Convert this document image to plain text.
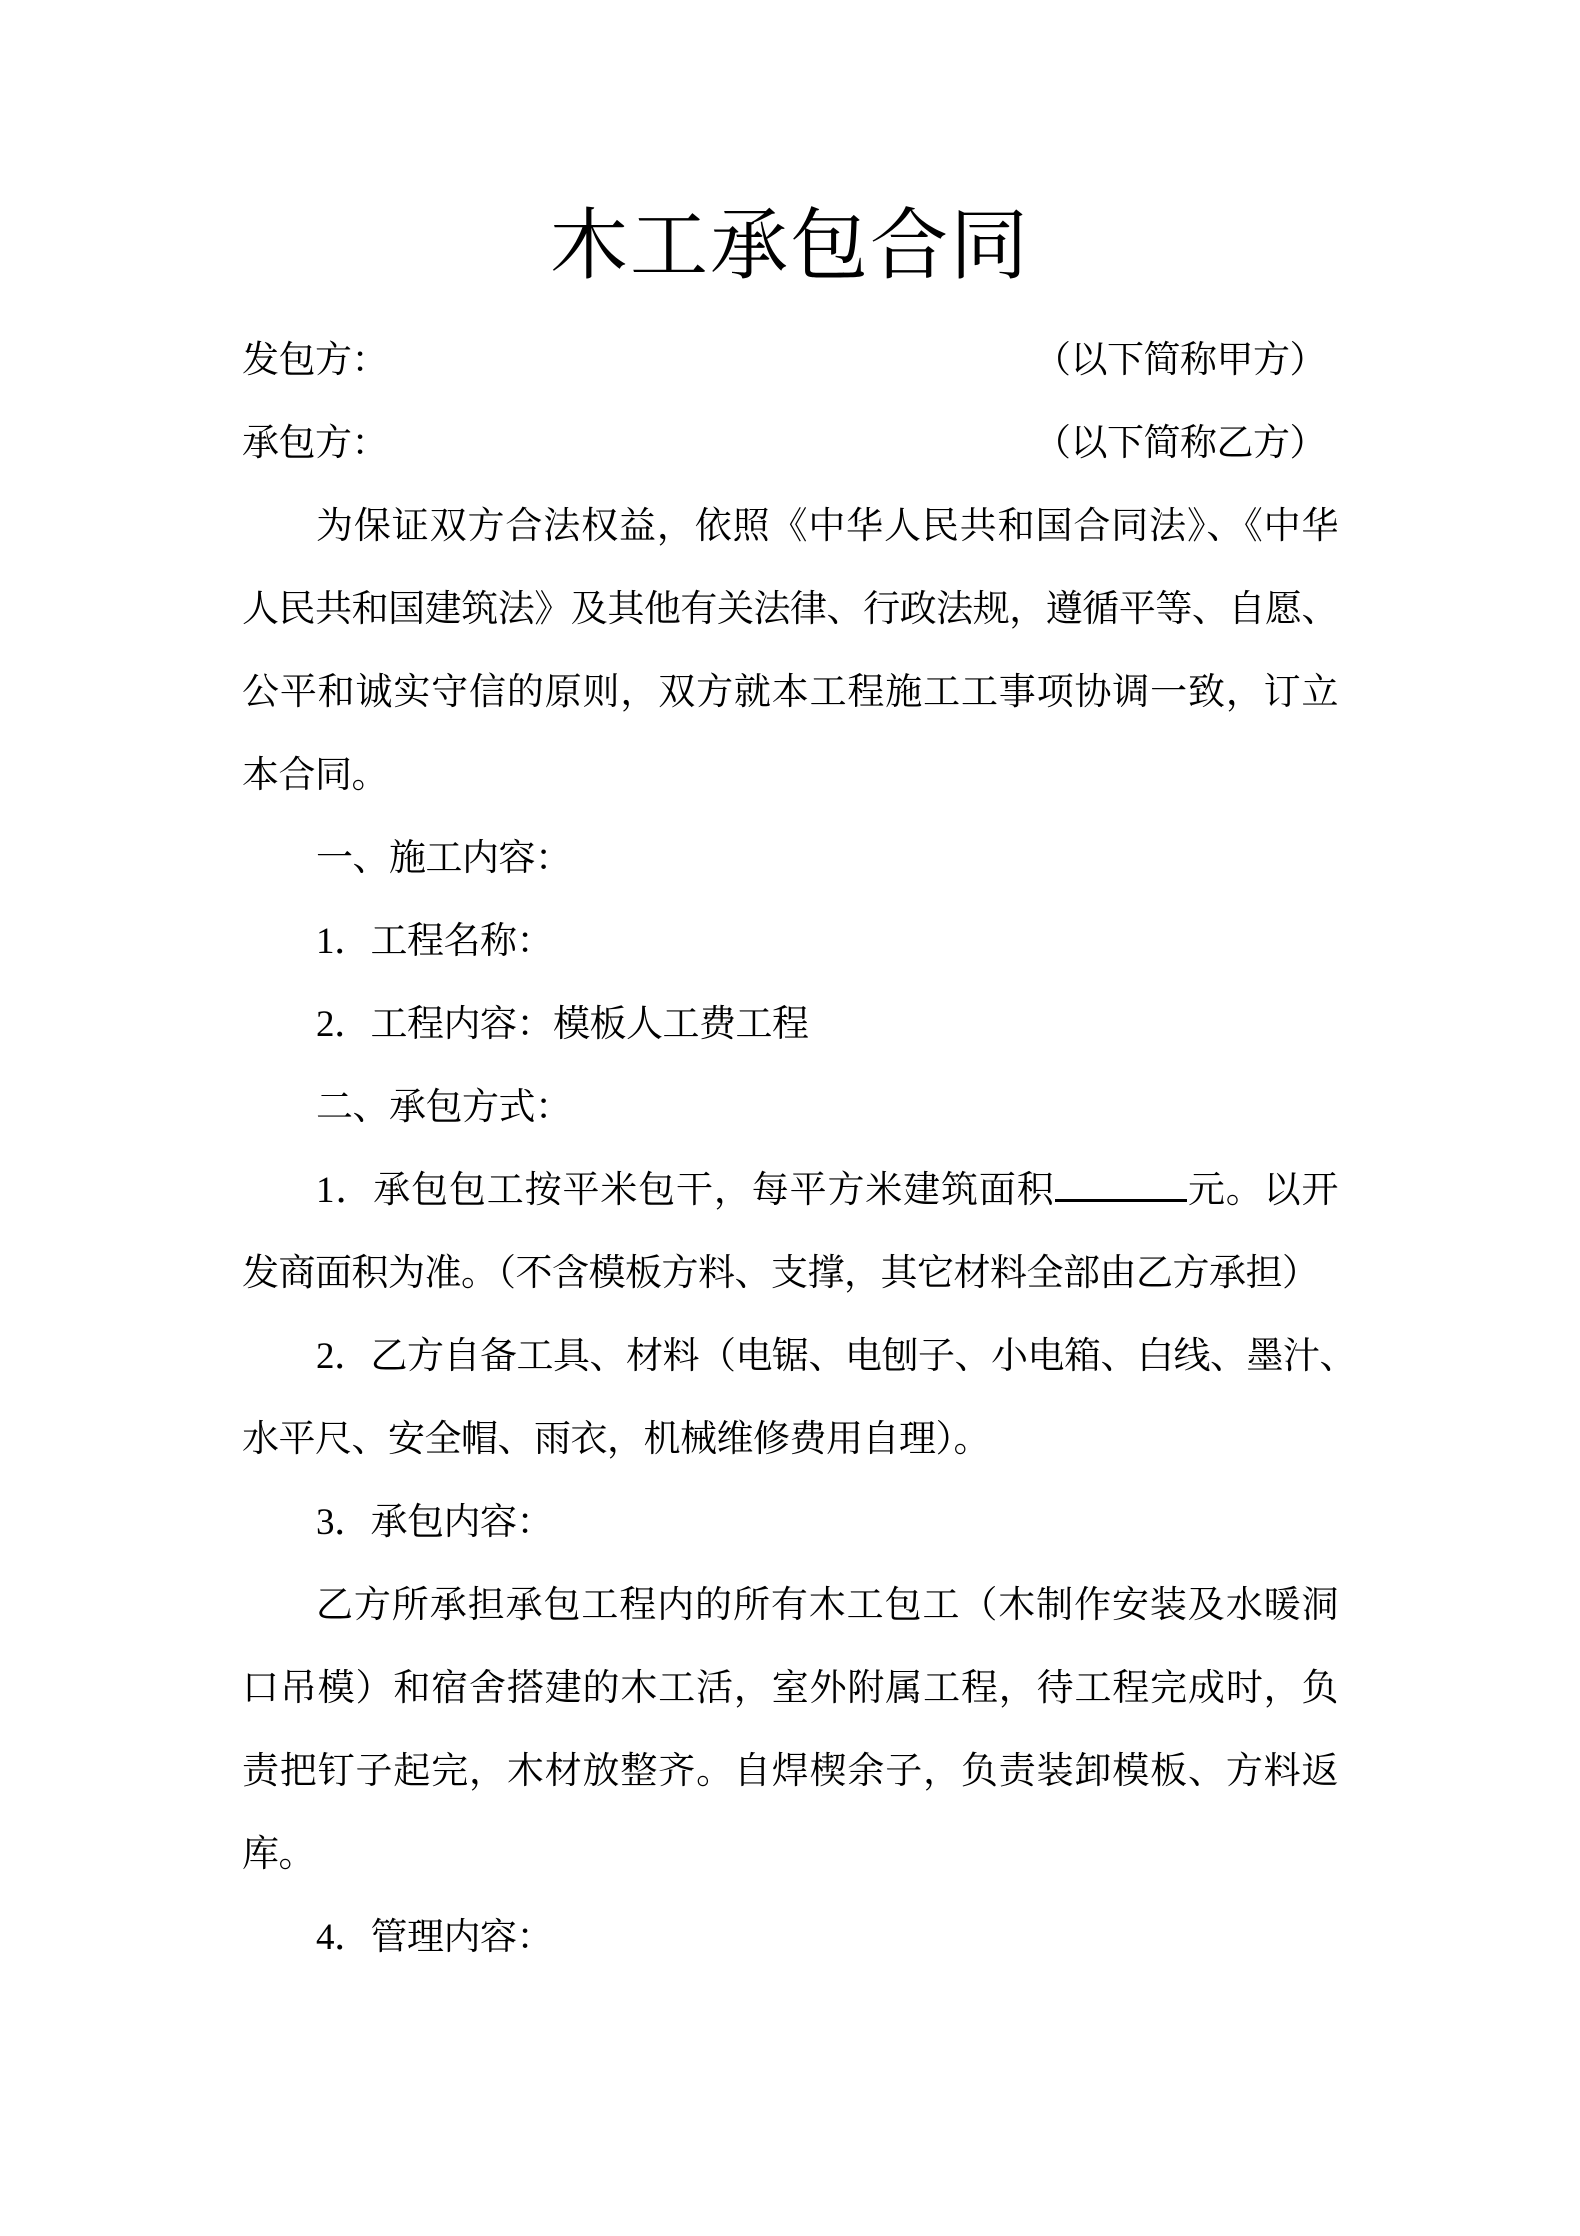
木工承包合同
发包方：	（以下简称甲方）
承包方：	（以下简称乙方）
为保证双方合法权益，依照《中华人民共和国合同法》、《中华
人民共和国建筑法》及其他有关法律、行政法规，遵循平等、自愿、
公平和诚实守信的原则，双方就本工程施工工事项协调一致，订立
本合同。
一、施工内容：
1．工程名称：
2．工程内容：模板人工费工程
二、承包方式：
1．承包包工按平米包干，每平方米建筑面积	元。以开
发商面积为准。（不含模板方料、支撑，其它材料全部由乙方承担）
2．乙方自备工具、材料（电锯、电刨子、小电箱、白线、墨汁、
水平尺、安全帽、雨衣，机械维修费用自理）。
3．承包内容：
乙方所承担承包工程内的所有木工包工（木制作安装及水暖洞
口吊模）和宿舍搭建的木工活，室外附属工程，待工程完成时，负
责把钉子起完，木材放整齐。自焊楔余子，负责装卸模板、方料返
库。
4．管理内容：
